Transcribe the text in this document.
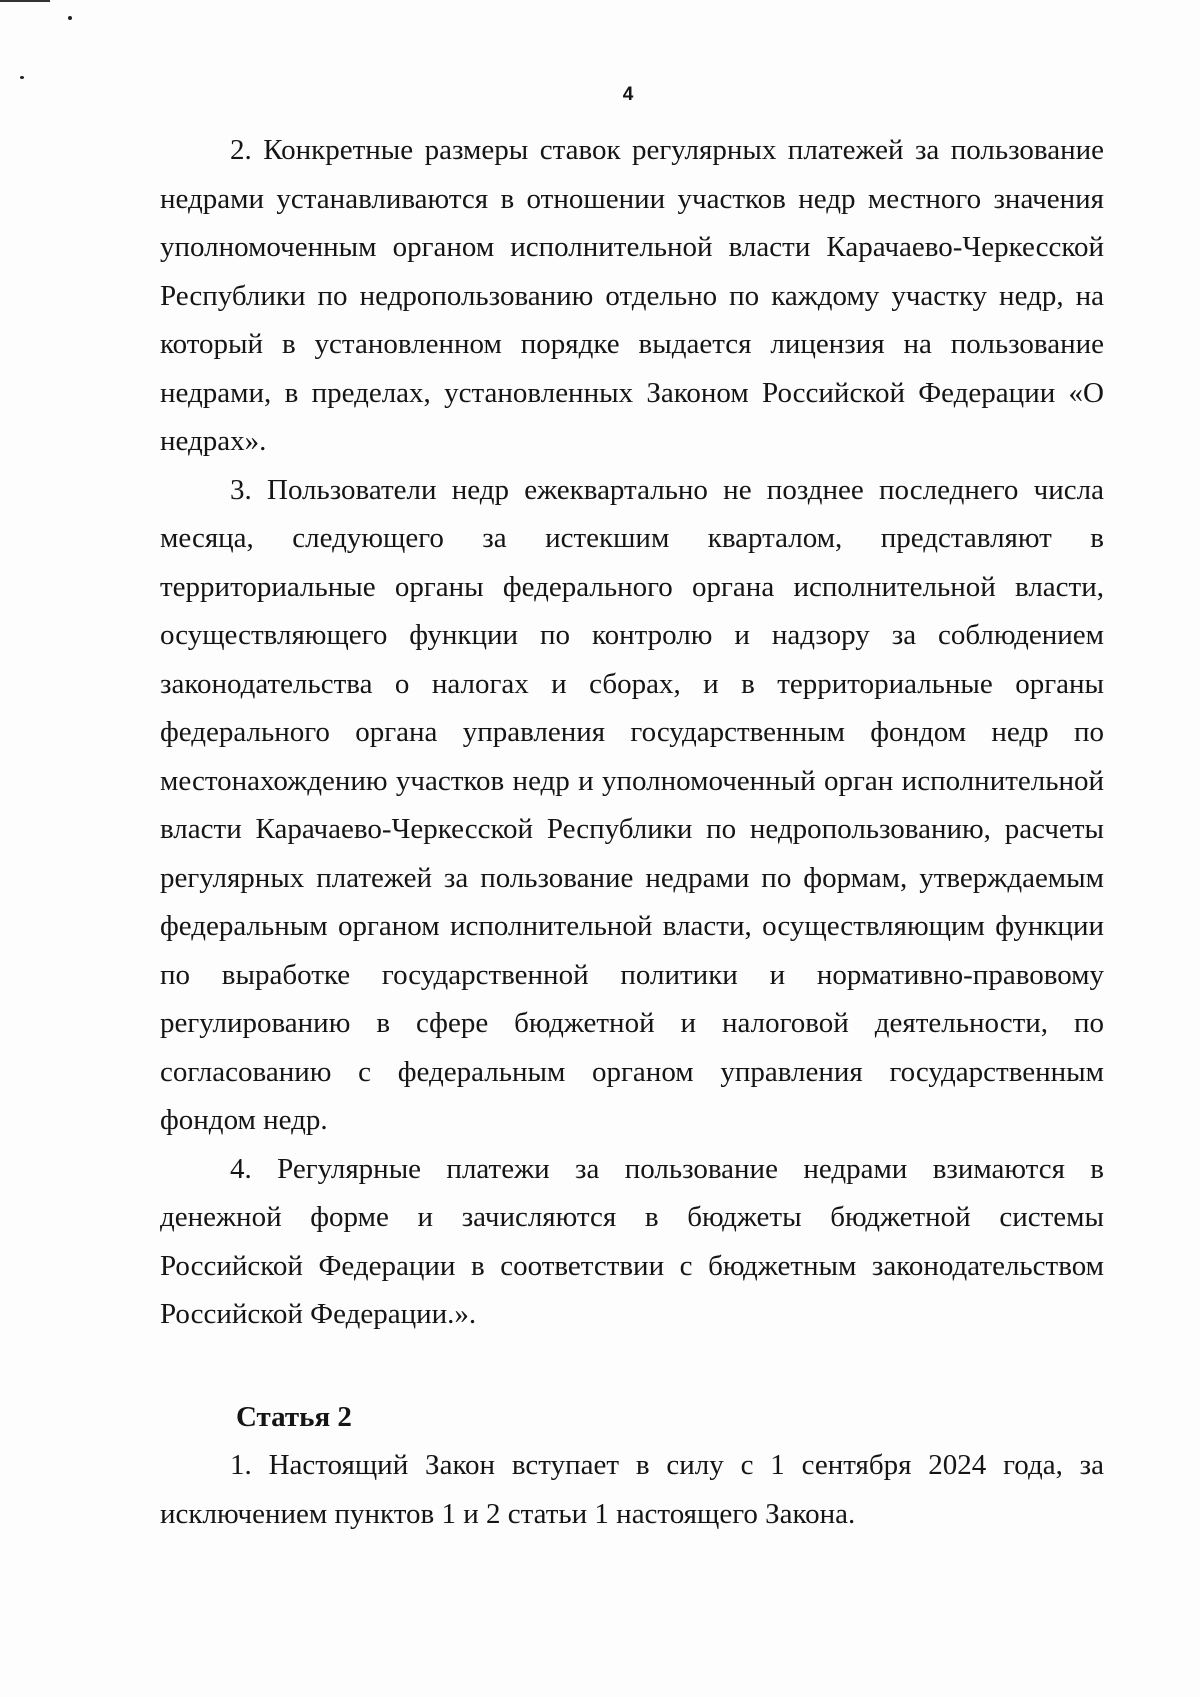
4

2. Конкретные размеры ставок регулярных платежей за пользование недрами устанавливаются в отношении участков недр местного значения уполномоченным органом исполнительной власти Карачаево-Черкесской Республики по недропользованию отдельно по каждому участку недр, на который в установленном порядке выдается лицензия на пользование недрами, в пределах, установленных Законом Российской Федерации «О недрах».

3. Пользователи недр ежеквартально не позднее последнего числа месяца, следующего за истекшим кварталом, представляют в территориальные органы федерального органа исполнительной власти, осуществляющего функции по контролю и надзору за соблюдением законодательства о налогах и сборах, и в территориальные органы федерального органа управления государственным фондом недр по местонахождению участков недр и уполномоченный орган исполнительной власти Карачаево-Черкесской Республики по недропользованию, расчеты регулярных платежей за пользование недрами по формам, утверждаемым федеральным органом исполнительной власти, осуществляющим функции по выработке государственной политики и нормативно-правовому регулированию в сфере бюджетной и налоговой деятельности, по согласованию с федеральным органом управления государственным фондом недр.

4. Регулярные платежи за пользование недрами взимаются в денежной форме и зачисляются в бюджеты бюджетной системы Российской Федерации в соответствии с бюджетным законодательством Российской Федерации.».

Статья 2

1. Настоящий Закон вступает в силу с 1 сентября 2024 года, за исключением пунктов 1 и 2 статьи 1 настоящего Закона.
